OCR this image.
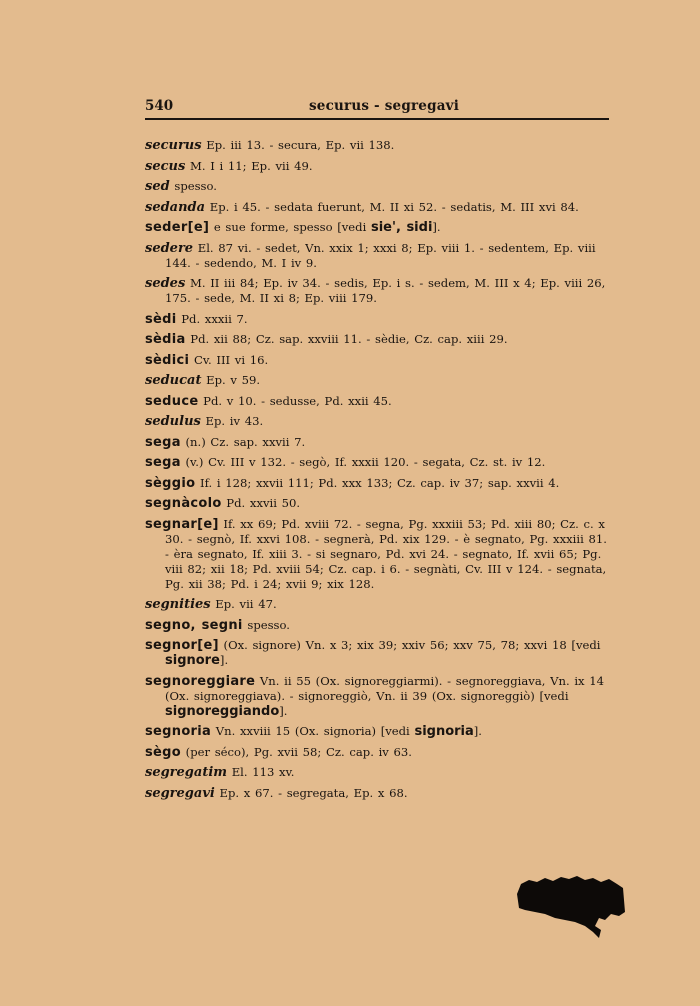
540	securus - segregavi

securus Ep. iii 13. - secura, Ep. vii 138.

secus M. I i 11; Ep. vii 49.

sed spesso.

sedanda Ep. i 45. - sedata fuerunt, M. II xi 52. - sedatis, M. III xvi 84.

seder[e] e sue forme, spesso [vedi sie', sidi].

sedere El. 87 vi. - sedet, Vn. xxix 1; xxxi 8; Ep. viii 1. - sedentem, Ep. viii 144. - sedendo, M. I iv 9.

sedes M. II iii 84; Ep. iv 34. - sedis, Ep. i s. - sedem, M. III x 4; Ep. viii 26, 175. - sede, M. II xi 8; Ep. viii 179.

sèdi Pd. xxxii 7.

sèdia Pd. xii 88; Cz. sap. xxviii 11. - sèdie, Cz. cap. xiii 29.

sèdici Cv. III vi 16.

seducat Ep. v 59.

seduce Pd. v 10. - sedusse, Pd. xxii 45.

sedulus Ep. iv 43.

sega (n.) Cz. sap. xxvii 7.

sega (v.) Cv. III v 132. - segò, If. xxxii 120. - segata, Cz. st. iv 12.

sèggio If. i 128; xxvii 111; Pd. xxx 133; Cz. cap. iv 37; sap. xxvii 4.

segnàcolo Pd. xxvii 50.

segnar[e] If. xx 69; Pd. xviii 72. - segna, Pg. xxxiii 53; Pd. xiii 80; Cz. c. x 30. - segnò, If. xxvi 108. - segnerà, Pd. xix 129. - è segnato, Pg. xxxiii 81. - èra segnato, If. xiii 3. - si segnaro, Pd. xvi 24. - segnato, If. xvii 65; Pg. viii 82; xii 18; Pd. xviii 54; Cz. cap. i 6. - segnàti, Cv. III v 124. - segnata, Pg. xii 38; Pd. i 24; xvii 9; xix 128.

segnities Ep. vii 47.

segno, segni spesso.

segnor[e] (Ox. signore) Vn. x 3; xix 39; xxiv 56; xxv 75, 78; xxvi 18 [vedi signore].

segnoreggiare Vn. ii 55 (Ox. signoreggiarmi). - segnoreggiava, Vn. ix 14 (Ox. signoreggiava). - signoreggiò, Vn. ii 39 (Ox. signoreggiò) [vedi signoreggiando].

segnoria Vn. xxviii 15 (Ox. signoria) [vedi signoria].

sègo (per séco), Pg. xvii 58; Cz. cap. iv 63.

segregatim El. 113 xv.

segregavi Ep. x 67. - segregata, Ep. x 68.
